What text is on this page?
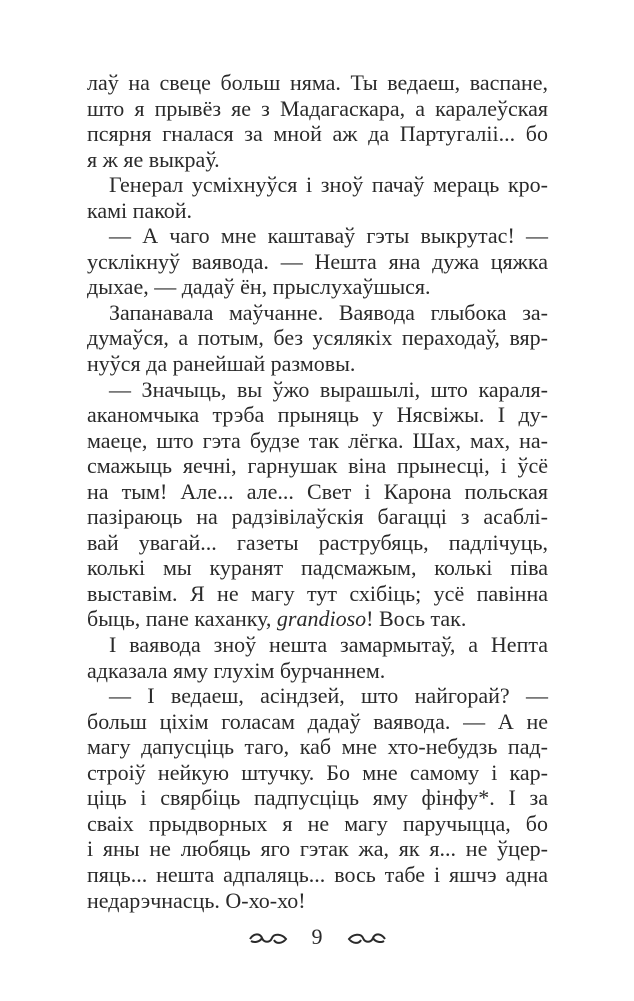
лаў на свеце больш няма. Ты ведаеш, васпане,
што я прывёз яе з Мадагаскара, а каралеўская
псярня гналася за мной аж да Партугаліі... бо
я ж яе выкраў.
Генерал усміхнуўся і зноў пачаў мераць кро-
камі пакой.
— А чаго мне каштаваў гэты выкрутас! —
усклікнуў ваявода. — Нешта яна дужа цяжка
дыхае, — дадаў ён, прыслухаўшыся.
Запанавала маўчанне. Ваявода глыбока за-
думаўся, а потым, без усялякіх пераходаў, вяр-
нуўся да ранейшай размовы.
— Значыць, вы ўжо вырашылі, што караля-
аканомчыка трэба прыняць у Нясвіжы. І ду-
маеце, што гэта будзе так лёгка. Шах, мах, на-
смажыць яечні, гарнушак віна прынесці, і ўсё
на тым! Але... але... Свет і Карона польская
пазіраюць на радзівілаўскія багацці з асаблі-
вай увагай... газеты раструбяць, падлічуць,
колькі мы куранят падсмажым, колькі піва
выставім. Я не магу тут схібіць; усё павінна
быць, пане каханку, grandioso! Вось так.
І ваявода зноў нешта замармытаў, а Непта
адказала яму глухім бурчаннем.
— І ведаеш, асіндзей, што найгорай? —
больш ціхім голасам дадаў ваявода. — А не
магу дапусціць таго, каб мне хто-небудзь пад-
строіў нейкую штучку. Бо мне самому і кар-
ціць і свярбіць падпусціць яму фінфу*. І за
сваіх прыдворных я не магу паручыцца, бо
і яны не любяць яго гэтак жа, як я... не ўцер-
пяць... нешта адпаляць... вось табе і яшчэ адна
недарэчнасць. О-хо-хо!
9
